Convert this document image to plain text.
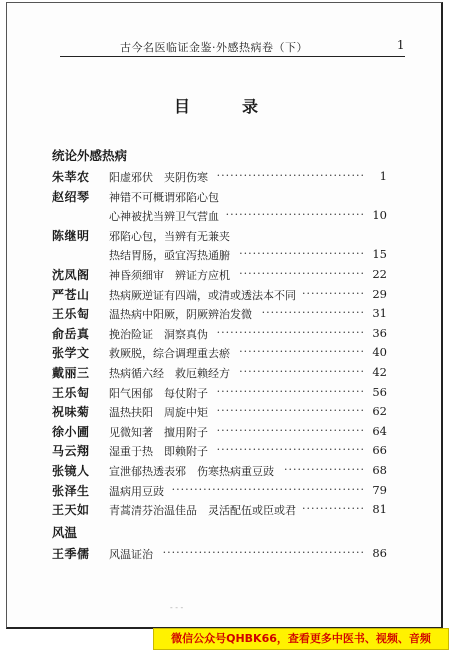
古今名医临证金鉴·外感热病卷（下）	1
目　录
统论外感热病
朱莘农 阳虚邪伏　夹阴伤寒 ································· 1
赵绍琴 神错不可概谓邪陷心包
心神被扰当辨卫气营血 ······························· 10
陈继明 邪陷心包，当辨有无兼夹
热结胃肠，亟宜泻热通腑 ···························· 15
沈凤阁 神昏须细审　辨证方应机 ···························· 22
严苍山 热病厥逆证有四端，或清或透法本不同 ·············· 29
王乐匋 温热病中阳厥，阴厥辨治发微 ······················· 31
俞岳真 挽治险证　洞察真伪 ································· 36
张学文 救厥脱，综合调理重去瘀 ···························· 40
戴丽三 热病循六经　救厄赖经方 ···························· 42
王乐匋 阳气困郁　每仗附子 ································· 56
祝味菊 温热扶阳　周旋中矩 ································· 62
徐小圃 见微知著　擅用附子 ································· 64
马云翔 湿重于热　即赖附子 ································· 66
张镜人 宣泄郁热透表邪　伤寒热病重豆豉 ·················· 68
张泽生 温病用豆豉 ··········································· 79
王天如 青蒿清芬治温佳品　灵活配伍或臣或君 ·············· 81
风温
王季儒 风温证治 ············································· 86
‐ ‐ ‐
微信公众号QHBK66，查看更多中医书、视频、音频
